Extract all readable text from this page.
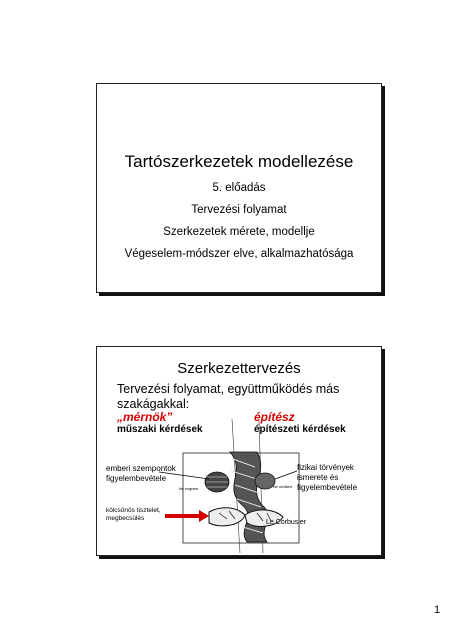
Tartószerkezetek modellezése
5. előadás
Tervezési folyamat
Szerkezetek mérete, modellje
Végeselem-módszer elve, alkalmazhatósága
Szerkezettervezés
Tervezési folyamat, együttműködés más szakágakkal:
„mérnök”	építész
műszaki kérdések	építészeti kérdések
emberi szempontok figyelembevétele
fizikai törvények ismerete és figyelembevétele
kölcsönös tisztelet, megbecsülés
Le Corbusier
the engineer	the architect
1
